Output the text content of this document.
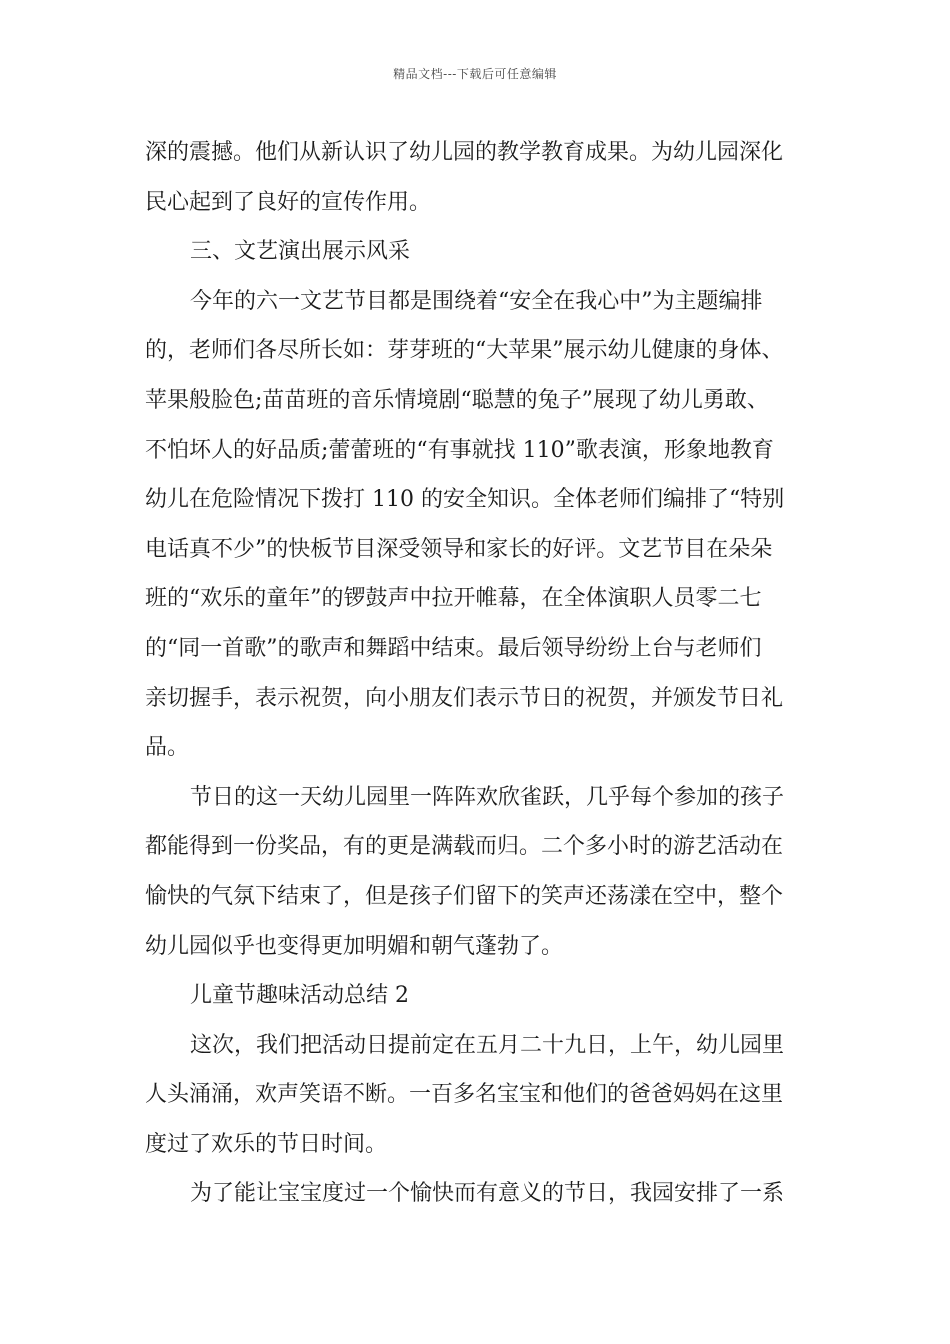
精品文档---下载后可任意编辑
深的震撼。他们从新认识了幼儿园的教学教育成果。为幼儿园深化
民心起到了良好的宣传作用。
三、文艺演出展示风采
今年的六一文艺节目都是围绕着“安全在我心中”为主题编排
的，老师们各尽所长如：芽芽班的“大苹果”展示幼儿健康的身体、
苹果般脸色;苗苗班的音乐情境剧“聪慧的兔子”展现了幼儿勇敢、
不怕坏人的好品质;蕾蕾班的“有事就找 110”歌表演，形象地教育
幼儿在危险情况下拨打 110 的安全知识。全体老师们编排了“特别
电话真不少”的快板节目深受领导和家长的好评。文艺节目在朵朵
班的“欢乐的童年”的锣鼓声中拉开帷幕，在全体演职人员零二七
的“同一首歌”的歌声和舞蹈中结束。最后领导纷纷上台与老师们
亲切握手，表示祝贺，向小朋友们表示节日的祝贺，并颁发节日礼
品。
节日的这一天幼儿园里一阵阵欢欣雀跃，几乎每个参加的孩子
都能得到一份奖品，有的更是满载而归。二个多小时的游艺活动在
愉快的气氛下结束了，但是孩子们留下的笑声还荡漾在空中，整个
幼儿园似乎也变得更加明媚和朝气蓬勃了。
儿童节趣味活动总结 2
这次，我们把活动日提前定在五月二十九日，上午，幼儿园里
人头涌涌，欢声笑语不断。一百多名宝宝和他们的爸爸妈妈在这里
度过了欢乐的节日时间。
为了能让宝宝度过一个愉快而有意义的节日，我园安排了一系
